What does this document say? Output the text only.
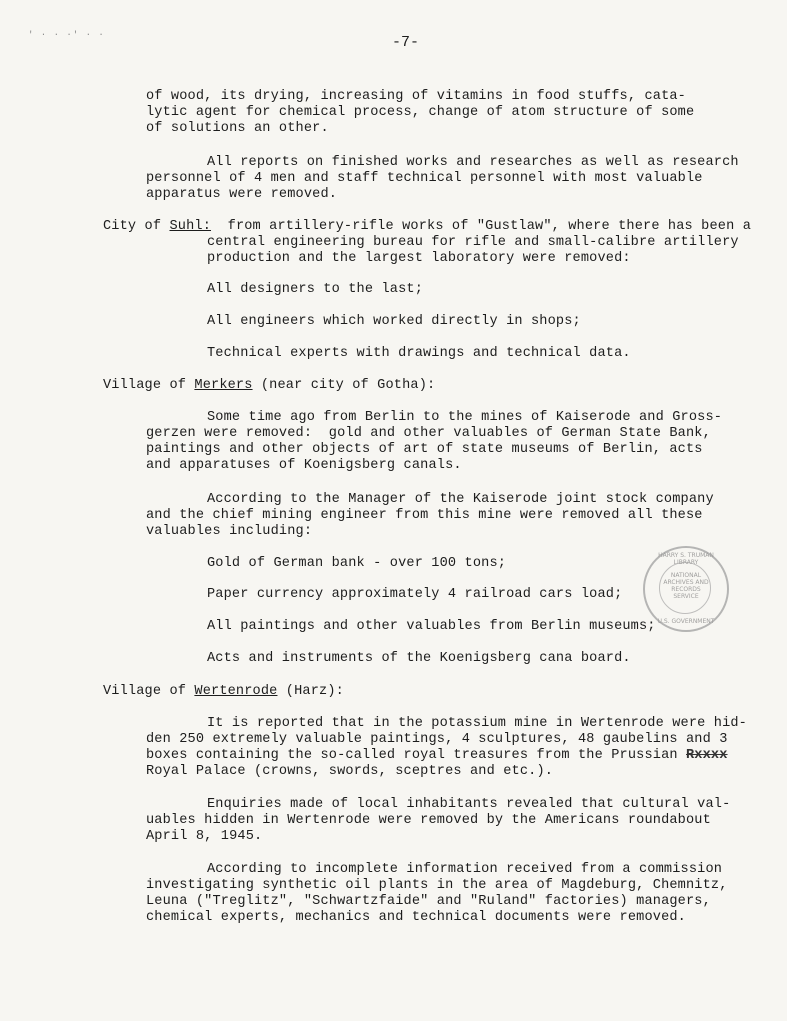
' · · ·' · ·	-7-
of wood, its drying, increasing of vitamins in food stuffs, cata-
lytic agent for chemical process, change of atom structure of some
of solutions an other.
All reports on finished works and researches as well as research
personnel of 4 men and staff technical personnel with most valuable
apparatus were removed.
City of Suhl:  from artillery-rifle works of "Gustlaw", where there has been a
central engineering bureau for rifle and small-calibre artillery
production and the largest laboratory were removed:
All designers to the last;
All engineers which worked directly in shops;
Technical experts with drawings and technical data.
Village of Merkers (near city of Gotha):
Some time ago from Berlin to the mines of Kaiserode and Gross-
gerzen were removed:  gold and other valuables of German State Bank,
paintings and other objects of art of state museums of Berlin, acts
and apparatuses of Koenigsberg canals.
According to the Manager of the Kaiserode joint stock company
and the chief mining engineer from this mine were removed all these
valuables including:
Gold of German bank - over 100 tons;
Paper currency approximately 4 railroad cars load;
All paintings and other valuables from Berlin museums;
Acts and instruments of the Koenigsberg cana board.
Village of Wertenrode (Harz):
It is reported that in the potassium mine in Wertenrode were hid-
den 250 extremely valuable paintings, 4 sculptures, 48 gaubelins and 3
boxes containing the so-called royal treasures from the Prussian Rxxxx
Royal Palace (crowns, swords, sceptres and etc.).
Enquiries made of local inhabitants revealed that cultural val-
uables hidden in Wertenrode were removed by the Americans roundabout
April 8, 1945.
According to incomplete information received from a commission
investigating synthetic oil plants in the area of Magdeburg, Chemnitz,
Leuna ("Treglitz", "Schwartzfaide" and "Ruland" factories) managers,
chemical experts, mechanics and technical documents were removed.
HARRY S. TRUMAN LIBRARY
NATIONAL
ARCHIVES AND
RECORDS
SERVICE
U.S. GOVERNMENT
